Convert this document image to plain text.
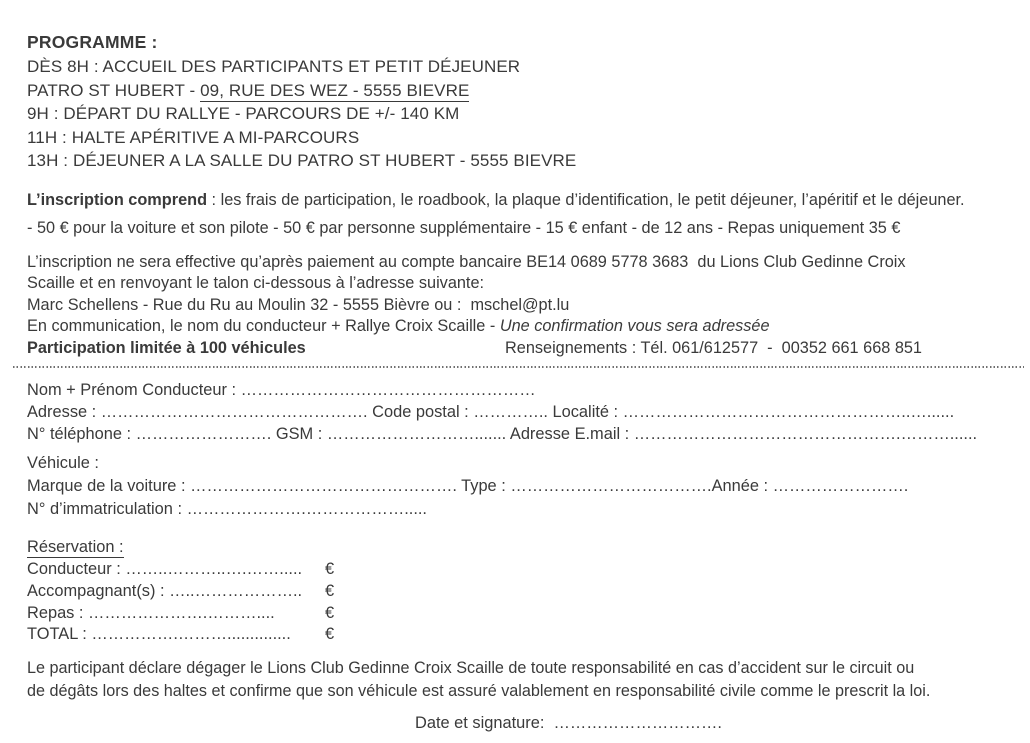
PROGRAMME :
DÈS 8H : ACCUEIL DES PARTICIPANTS ET PETIT DÉJEUNER
PATRO ST HUBERT - 09, RUE DES WEZ - 5555 BIEVRE
9H : DÉPART DU RALLYE - PARCOURS DE +/- 140 KM
11H : HALTE APÉRITIVE A MI-PARCOURS
13H : DÉJEUNER A LA SALLE DU PATRO ST HUBERT - 5555 BIEVRE
L’inscription comprend : les frais de participation, le roadbook, la plaque d’identification, le petit déjeuner, l’apéritif et le déjeuner.
- 50 € pour la voiture et son pilote - 50 € par personne supplémentaire - 15 € enfant - de 12 ans - Repas uniquement 35 €
L’inscription ne sera effective qu’après paiement au compte bancaire BE14 0689 5778 3683  du Lions Club Gedinne Croix
Scaille et en renvoyant le talon ci-dessous à l’adresse suivante:
Marc Schellens - Rue du Ru au Moulin 32 - 5555 Bièvre ou :  mschel@pt.lu
En communication, le nom du conducteur + Rallye Croix Scaille - Une confirmation vous sera adressée
Participation limitée à 100 véhicules	Renseignements : Tél. 061/612577  -  00352 661 668 851
Nom + Prénom Conducteur : ………………………………………………
Adresse : …………………………………………. Code postal : ………….. Localité : ……………………………………………..…......
N° téléphone : ……………………. GSM : ………………………....... Adresse E.mail : ………………………………………….………......
Véhicule :
Marque de la voiture : …………………………………………. Type : ……………………………….Année : …………………….
N° d’immatriculation : ………………….……………….....
Réservation :
Conducteur : ……..………..….…….....	€
Accompagnant(s) : …..………………..	€
Repas : ………………….………....	€
TOTAL : …………….………..............	€
Le participant déclare dégager le Lions Club Gedinne Croix Scaille de toute responsabilité en cas d’accident sur le circuit ou
de dégâts lors des haltes et confirme que son véhicule est assuré valablement en responsabilité civile comme le prescrit la loi.
Date et signature:  ………………………….
